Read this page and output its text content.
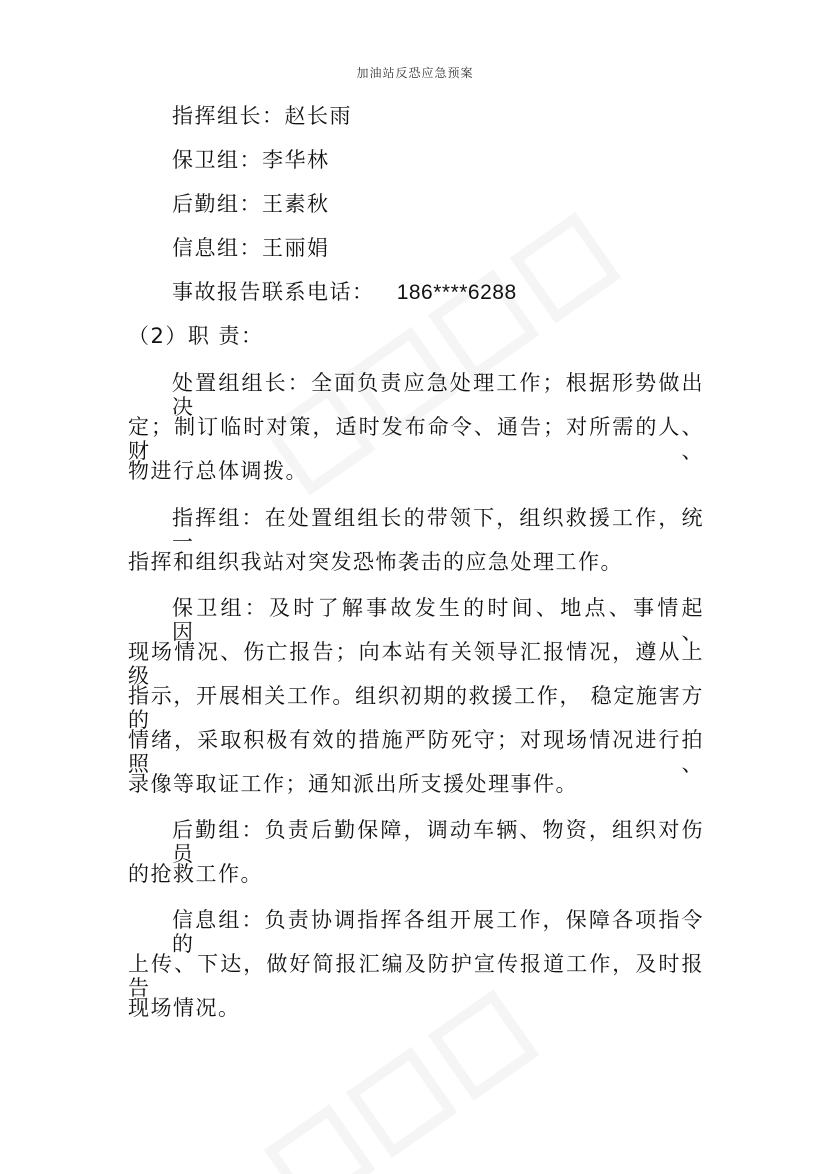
加油站反恐应急预案
指挥组长：赵长雨
保卫组：李华林
后勤组：王素秋
信息组：王丽娟
事故报告联系电话： 186****6288
（2）职 责：
处置组组长：全面负责应急处理工作；根据形势做出决
定；制订临时对策，适时发布命令、通告；对所需的人、财、
物进行总体调拨。
指挥组：在处置组组长的带领下，组织救援工作，统一
指挥和组织我站对突发恐怖袭击的应急处理工作。
保卫组：及时了解事故发生的时间、地点、事情起因、
现场情况、伤亡报告；向本站有关领导汇报情况，遵从上级
指示，开展相关工作。组织初期的救援工作， 稳定施害方的
情绪，采取积极有效的措施严防死守；对现场情况进行拍照、
录像等取证工作；通知派出所支援处理事件。
后勤组：负责后勤保障，调动车辆、物资，组织对伤员
的抢救工作。
信息组：负责协调指挥各组开展工作，保障各项指令的
上传、下达，做好简报汇编及防护宣传报道工作，及时报告
现场情况。
